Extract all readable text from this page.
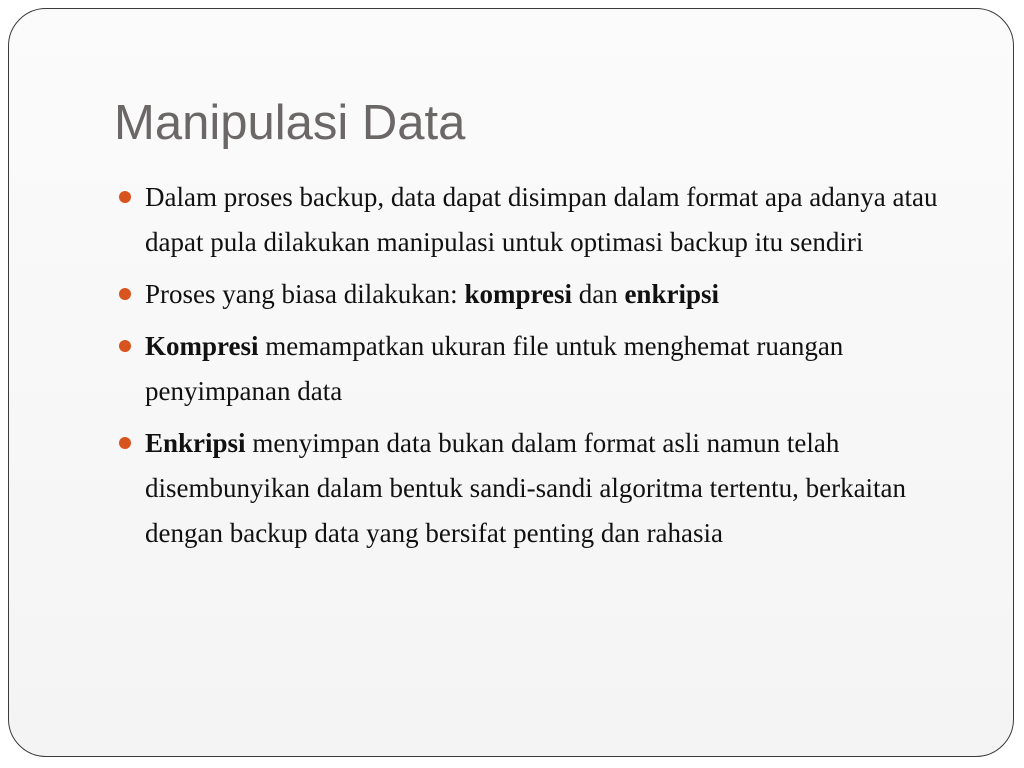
Manipulasi Data
Dalam proses backup, data dapat disimpan dalam format apa adanya atau dapat pula dilakukan manipulasi untuk optimasi backup itu sendiri
Proses yang biasa dilakukan: kompresi dan enkripsi
Kompresi memampatkan ukuran file untuk menghemat ruangan penyimpanan data
Enkripsi menyimpan data bukan dalam format asli namun telah disembunyikan dalam bentuk sandi-sandi algoritma tertentu, berkaitan dengan backup data yang bersifat penting dan rahasia
